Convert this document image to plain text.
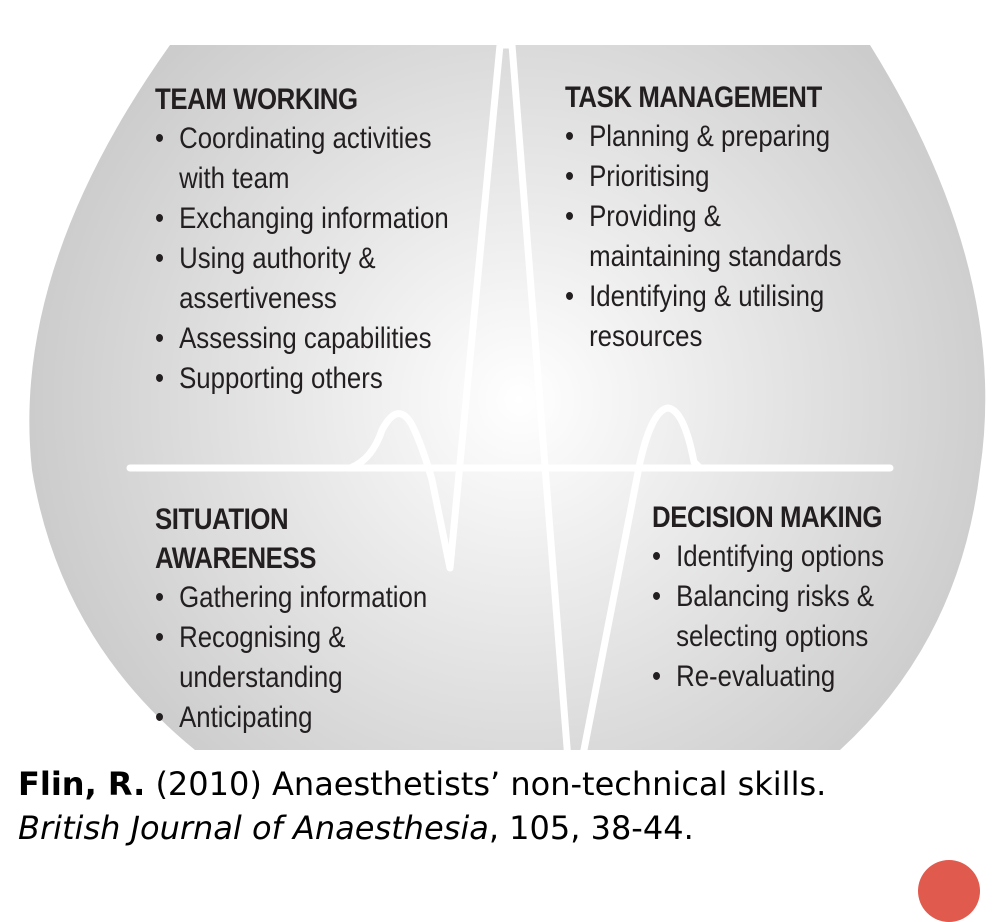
TEAM WORKING
• Coordinating activities
with team
• Exchanging information
• Using authority &
assertiveness
• Assessing capabilities
• Supporting others
TASK MANAGEMENT
• Planning & preparing
• Prioritising
• Providing &
maintaining standards
• Identifying & utilising
resources
SITUATION AWARENESS
• Gathering information
• Recognising &
understanding
• Anticipating
DECISION MAKING
• Identifying options
• Balancing risks &
selecting options
• Re-evaluating

Flin, R. (2010) Anaesthetists’ non-technical skills.
British Journal of Anaesthesia, 105, 38-44.
